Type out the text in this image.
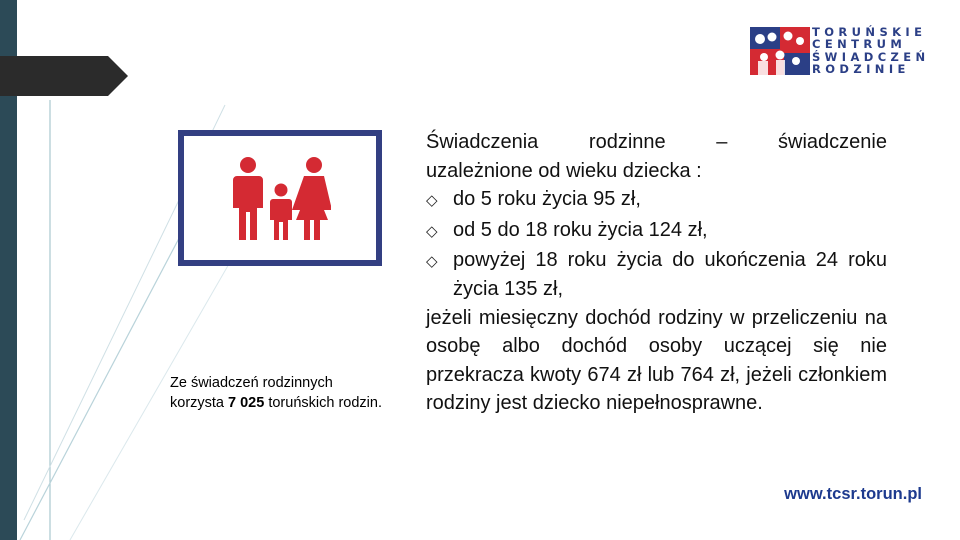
TORUŃSKIE
CENTRUM
ŚWIADCZEŃ
RODZINIE
Ze świadczeń rodzinnych korzysta 7 025 toruńskich rodzin.

Świadczenia rodzinne – świadczenie

uzależnione od wieku dziecka :

◇ do 5 roku życia 95 zł,
◇ od 5 do 18 roku życia 124 zł,
◇ powyżej 18 roku życia do ukończenia 24 roku życia 135 zł,

jeżeli miesięczny dochód rodziny w przeliczeniu na osobę albo dochód osoby uczącej się nie przekracza kwoty 674 zł lub 764 zł, jeżeli członkiem rodziny jest dziecko niepełnosprawne.

www.tcsr.torun.pl
